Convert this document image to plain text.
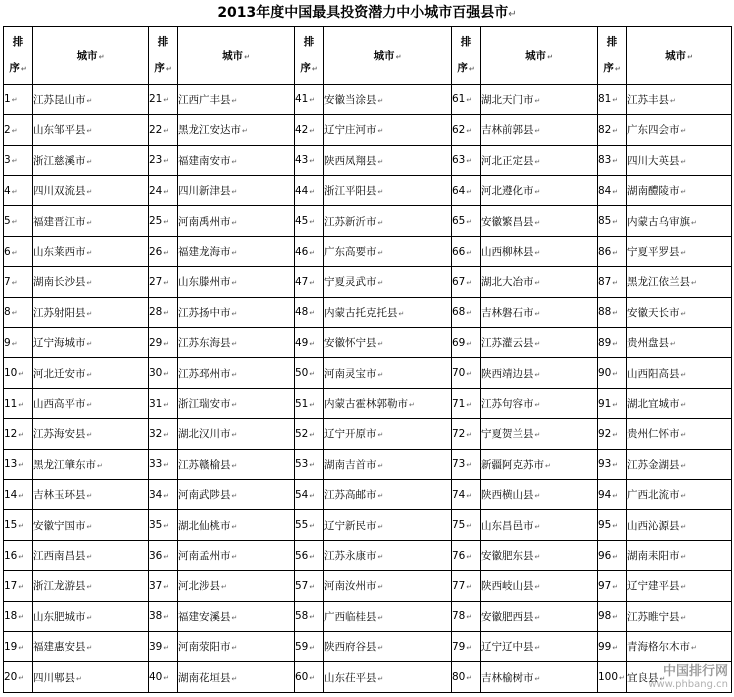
2013年度中国最具投资潜力中小城市百强县市↵
排
序 ↵	城市 ↵	排
序 ↵	城市 ↵	排
序 ↵	城市 ↵	排
序 ↵	城市 ↵	排
序 ↵	城市 ↵
1 ↵	江苏昆山市 ↵	21 ↵	江西广丰县 ↵	41 ↵	安徽当涂县 ↵	61 ↵	湖北天门市 ↵	81 ↵	江苏丰县 ↵
2 ↵	山东邹平县 ↵	22 ↵	黑龙江安达市 ↵	42 ↵	辽宁庄河市 ↵	62 ↵	吉林前郭县 ↵	82 ↵	广东四会市 ↵
3 ↵	浙江慈溪市 ↵	23 ↵	福建南安市 ↵	43 ↵	陕西凤翔县 ↵	63 ↵	河北正定县 ↵	83 ↵	四川大英县 ↵
4 ↵	四川双流县 ↵	24 ↵	四川新津县 ↵	44 ↵	浙江平阳县 ↵	64 ↵	河北遵化市 ↵	84 ↵	湖南醴陵市 ↵
5 ↵	福建晋江市 ↵	25 ↵	河南禹州市 ↵	45 ↵	江苏新沂市 ↵	65 ↵	安徽繁昌县 ↵	85 ↵	内蒙古乌审旗 ↵
6 ↵	山东莱西市 ↵	26 ↵	福建龙海市 ↵	46 ↵	广东高要市 ↵	66 ↵	山西柳林县 ↵	86 ↵	宁夏平罗县 ↵
7 ↵	湖南长沙县 ↵	27 ↵	山东滕州市 ↵	47 ↵	宁夏灵武市 ↵	67 ↵	湖北大冶市 ↵	87 ↵	黑龙江依兰县 ↵
8 ↵	江苏射阳县 ↵	28 ↵	江苏扬中市 ↵	48 ↵	内蒙古托克托县 ↵	68 ↵	吉林磐石市 ↵	88 ↵	安徽天长市 ↵
9 ↵	辽宁海城市 ↵	29 ↵	江苏东海县 ↵	49 ↵	安徽怀宁县 ↵	69 ↵	江苏灌云县 ↵	89 ↵	贵州盘县 ↵
10 ↵	河北迁安市 ↵	30 ↵	江苏邳州市 ↵	50 ↵	河南灵宝市 ↵	70 ↵	陕西靖边县 ↵	90 ↵	山西阳高县 ↵
11 ↵	山西高平市 ↵	31 ↵	浙江瑞安市 ↵	51 ↵	内蒙古霍林郭勒市 ↵	71 ↵	江苏句容市 ↵	91 ↵	湖北宜城市 ↵
12 ↵	江苏海安县 ↵	32 ↵	湖北汉川市 ↵	52 ↵	辽宁开原市 ↵	72 ↵	宁夏贺兰县 ↵	92 ↵	贵州仁怀市 ↵
13 ↵	黑龙江肇东市 ↵	33 ↵	江苏赣榆县 ↵	53 ↵	湖南吉首市 ↵	73 ↵	新疆阿克苏市 ↵	93 ↵	江苏金湖县 ↵
14 ↵	吉林玉环县 ↵	34 ↵	河南武陟县 ↵	54 ↵	江苏高邮市 ↵	74 ↵	陕西横山县 ↵	94 ↵	广西北流市 ↵
15 ↵	安徽宁国市 ↵	35 ↵	湖北仙桃市 ↵	55 ↵	辽宁新民市 ↵	75 ↵	山东昌邑市 ↵	95 ↵	山西沁源县 ↵
16 ↵	江西南昌县 ↵	36 ↵	河南孟州市 ↵	56 ↵	江苏永康市 ↵	76 ↵	安徽肥东县 ↵	96 ↵	湖南耒阳市 ↵
17 ↵	浙江龙游县 ↵	37 ↵	河北涉县 ↵	57 ↵	河南汝州市 ↵	77 ↵	陕西岐山县 ↵	97 ↵	辽宁建平县 ↵
18 ↵	山东肥城市 ↵	38 ↵	福建安溪县 ↵	58 ↵	广西临桂县 ↵	78 ↵	安徽肥西县 ↵	98 ↵	江苏睢宁县 ↵
19 ↵	福建惠安县 ↵	39 ↵	河南荥阳市 ↵	59 ↵	陕西府谷县 ↵	79 ↵	辽宁辽中县 ↵	99 ↵	青海格尔木市 ↵
20 ↵	四川郫县 ↵	40 ↵	湖南花垣县 ↵	60 ↵	山东茌平县 ↵	80 ↵	吉林榆树市 ↵	100 ↵	宜良县 ↵ 中国排行网
www.phbang.cn
